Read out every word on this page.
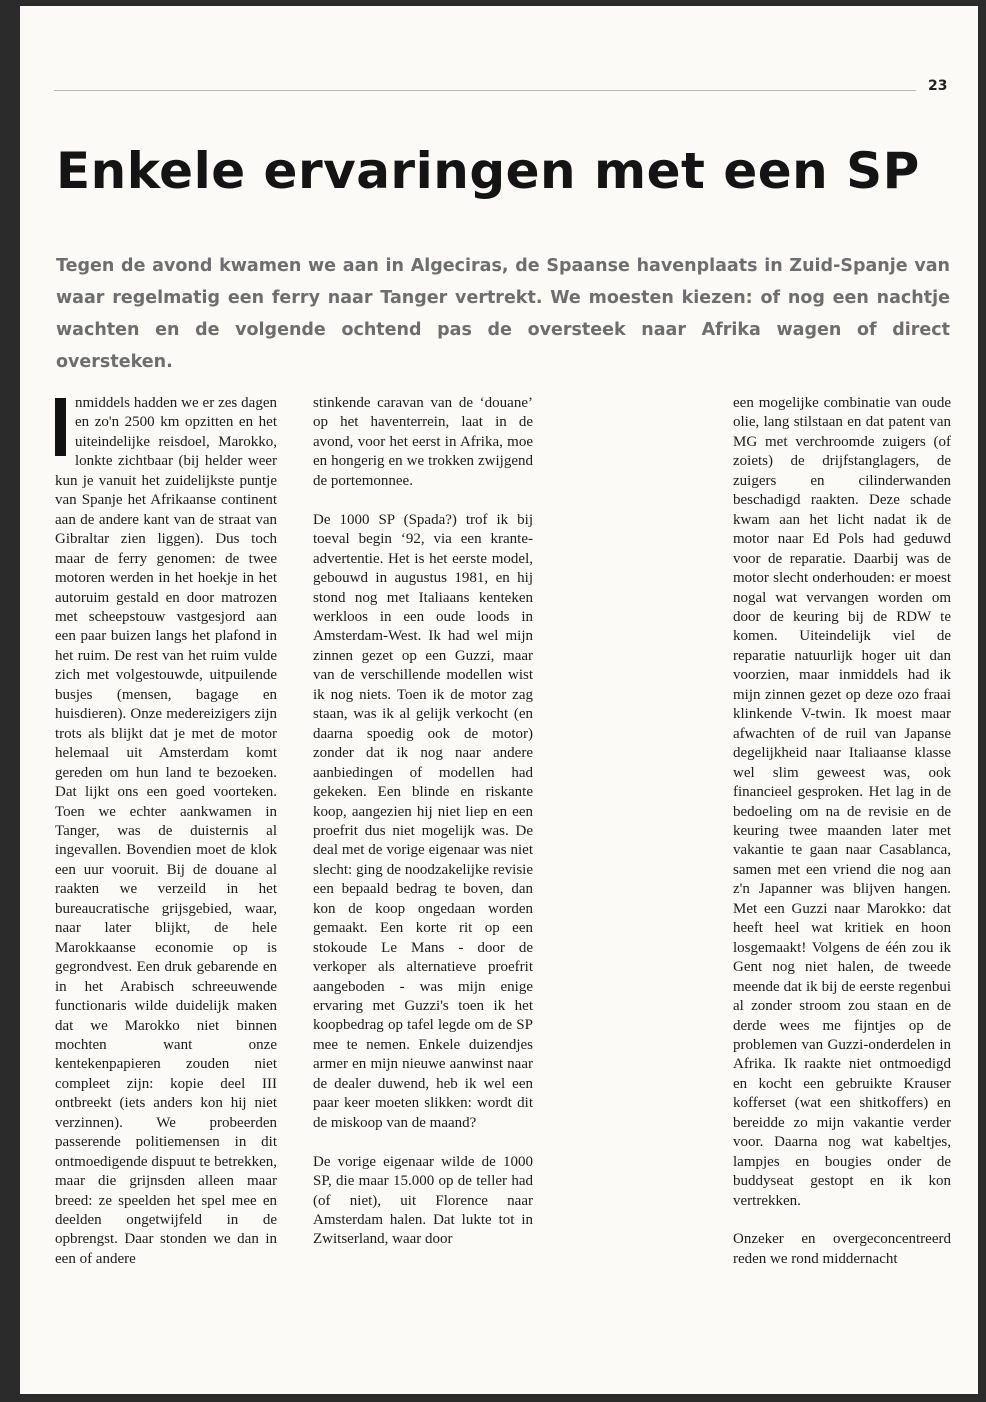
23
Enkele ervaringen met een SP

Tegen de avond kwamen we aan in Algeciras, de Spaanse havenplaats in Zuid-Spanje van waar regelmatig een ferry naar Tanger vertrekt. We moesten kiezen: of nog een nachtje wachten en de volgende ochtend pas de oversteek naar Afrika wagen of direct oversteken.

nmiddels hadden we er zes dagen en zo'n 2500 km opzitten en het uiteindelijke reisdoel, Marokko, lonkte zichtbaar (bij helder weer kun je vanuit het zuidelijkste puntje van Spanje het Afrikaanse continent aan de andere kant van de straat van Gibraltar zien liggen). Dus toch maar de ferry genomen: de twee motoren werden in het hoekje in het autoruim gestald en door matrozen met scheepstouw vastgesjord aan een paar buizen langs het plafond in het ruim. De rest van het ruim vulde zich met volgestouwde, uitpuilende busjes (mensen, bagage en huisdieren). Onze medereizigers zijn trots als blijkt dat je met de motor helemaal uit Amsterdam komt gereden om hun land te bezoeken. Dat lijkt ons een goed voorteken. Toen we echter aankwamen in Tanger, was de duisternis al ingevallen. Bovendien moet de klok een uur vooruit. Bij de douane al raakten we verzeild in het bureaucratische grijsgebied, waar, naar later blijkt, de hele Marokkaanse economie op is gegrondvest. Een druk gebarende en in het Arabisch schreeuwende functionaris wilde duidelijk maken dat we Marokko niet binnen mochten want onze kentekenpapieren zouden niet compleet zijn: kopie deel III ontbreekt (iets anders kon hij niet verzinnen). We probeerden passerende politiemensen in dit ontmoedigende dispuut te betrekken, maar die grijnsden alleen maar breed: ze speelden het spel mee en deelden ongetwijfeld in de opbrengst. Daar stonden we dan in een of andere

stinkende caravan van de ‘douane’ op het haventerrein, laat in de avond, voor het eerst in Afrika, moe en hongerig en we trokken zwijgend de portemonnee.

De 1000 SP (Spada?) trof ik bij toeval begin ‘92, via een krante-advertentie. Het is het eerste model, gebouwd in augustus 1981, en hij stond nog met Italiaans kenteken werkloos in een oude loods in Amsterdam-West. Ik had wel mijn zinnen gezet op een Guzzi, maar van de verschillende modellen wist ik nog niets. Toen ik de motor zag staan, was ik al gelijk verkocht (en daarna spoedig ook de motor) zonder dat ik nog naar andere aanbiedingen of modellen had gekeken. Een blinde en riskante koop, aangezien hij niet liep en een proefrit dus niet mogelijk was. De deal met de vorige eigenaar was niet slecht: ging de noodzakelijke revisie een bepaald bedrag te boven, dan kon de koop ongedaan worden gemaakt. Een korte rit op een stokoude Le Mans - door de verkoper als alternatieve proefrit aangeboden - was mijn enige ervaring met Guzzi's toen ik het koopbedrag op tafel legde om de SP mee te nemen. Enkele duizendjes armer en mijn nieuwe aanwinst naar de dealer duwend, heb ik wel een paar keer moeten slikken: wordt dit de miskoop van de maand?

De vorige eigenaar wilde de 1000 SP, die maar 15.000 op de teller had (of niet), uit Florence naar Amsterdam halen. Dat lukte tot in Zwitserland, waar door

een mogelijke combinatie van oude olie, lang stilstaan en dat patent van MG met verchroomde zuigers (of zoiets) de drijfstanglagers, de zuigers en cilinderwanden beschadigd raakten. Deze schade kwam aan het licht nadat ik de motor naar Ed Pols had geduwd voor de reparatie. Daarbij was de motor slecht onderhouden: er moest nogal wat vervangen worden om door de keuring bij de RDW te komen. Uiteindelijk viel de reparatie natuurlijk hoger uit dan voorzien, maar inmiddels had ik mijn zinnen gezet op deze ozo fraai klinkende V-twin. Ik moest maar afwachten of de ruil van Japanse degelijkheid naar Italiaanse klasse wel slim geweest was, ook financieel gesproken. Het lag in de bedoeling om na de revisie en de keuring twee maanden later met vakantie te gaan naar Casablanca, samen met een vriend die nog aan z'n Japanner was blijven hangen. Met een Guzzi naar Marokko: dat heeft heel wat kritiek en hoon losgemaakt! Volgens de één zou ik Gent nog niet halen, de tweede meende dat ik bij de eerste regenbui al zonder stroom zou staan en de derde wees me fijntjes op de problemen van Guzzi-onderdelen in Afrika. Ik raakte niet ontmoedigd en kocht een gebruikte Krauser kofferset (wat een shitkoffers) en bereidde zo mijn vakantie verder voor. Daarna nog wat kabeltjes, lampjes en bougies onder de buddyseat gestopt en ik kon vertrekken.

Onzeker en overgeconcentreerd reden we rond middernacht
